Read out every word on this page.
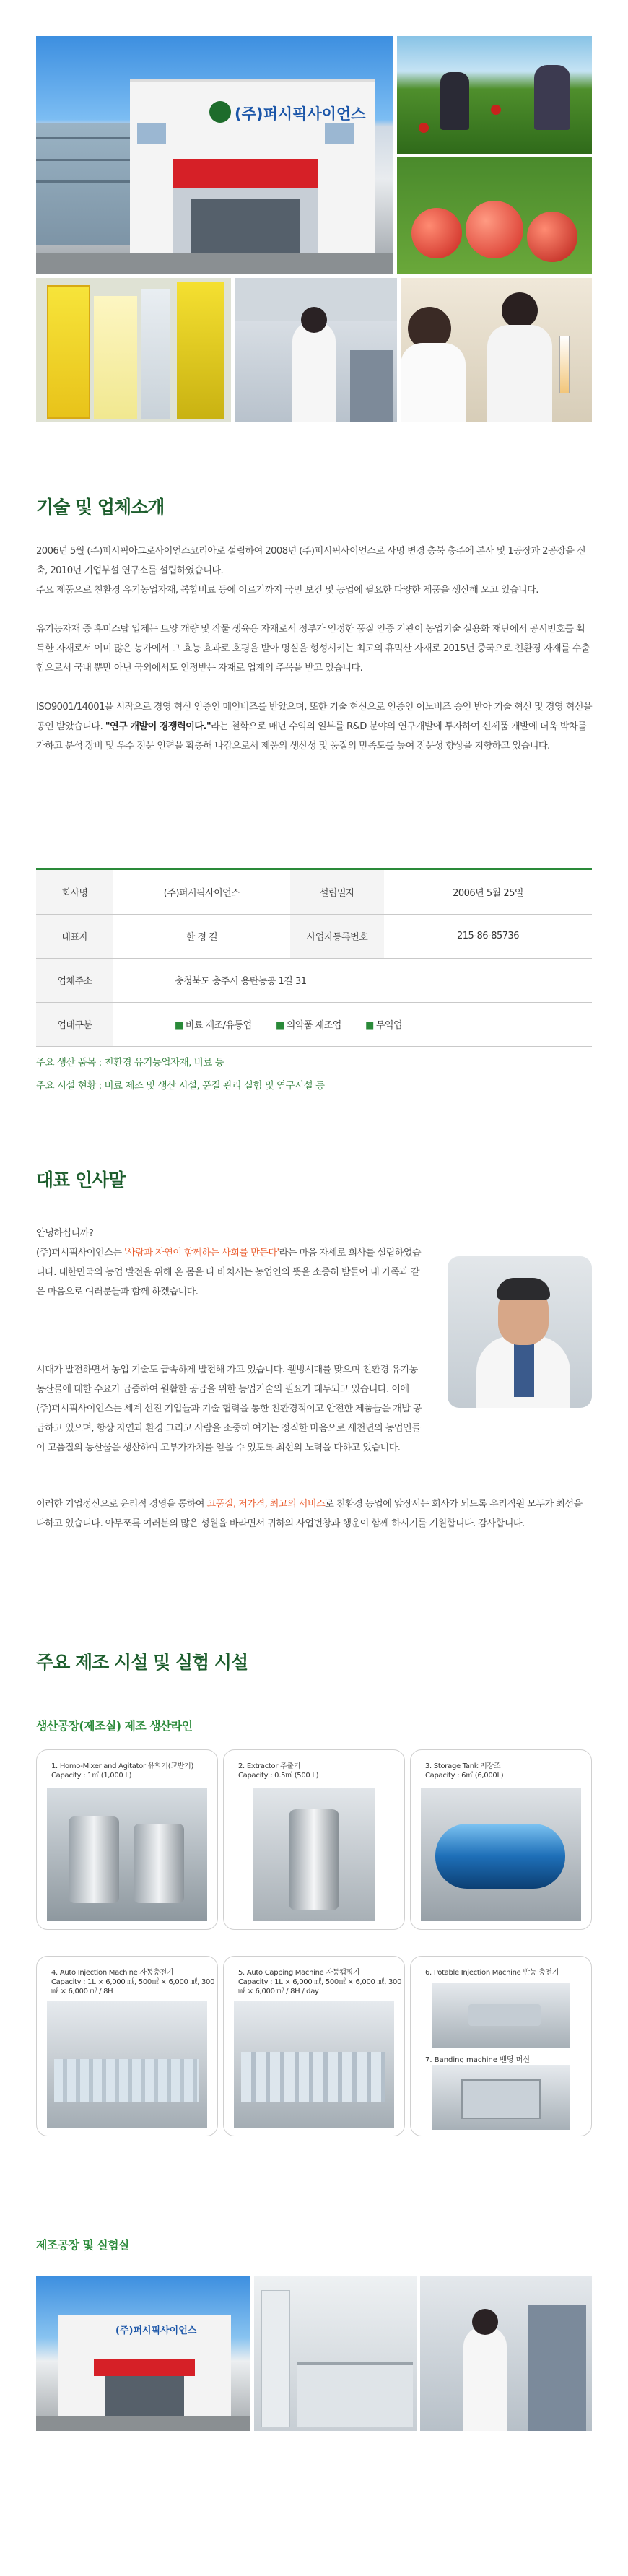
(주)퍼시픽사이언스
기술 및 업체소개

2006년 5월 (주)퍼시픽아그로사이언스코리아로 설립하여 2008년 (주)퍼시픽사이언스로 사명 변경 충북 충주에 본사 및 1공장과 2공장을 신축, 2010년 기업부설 연구소를 설립하였습니다.
주요 제품으로 친환경 유기농업자재, 복합비료 등에 이르기까지 국민 보건 및 농업에 필요한 다양한 제품을 생산해 오고 있습니다.

유기농자재 중 휴머스탑 입제는 토양 개량 및 작물 생육용 자재로서 정부가 인정한 품질 인증 기관이 농업기술 실용화 재단에서 공시번호를 획득한 자재로서 이미 많은 농가에서 그 효능 효과로 호평을 받아 명실을 형성시키는 최고의 휴믹산 자재로 2015년 중국으로 친환경 자재를 수출함으로서 국내 뿐만 아닌 국외에서도 인정받는 자재로 업계의 주목을 받고 있습니다.

ISO9001/14001을 시작으로 경영 혁신 인증인 메인비즈를 받았으며, 또한 기술 혁신으로 인증인 이노비즈 승인 받아 기술 혁신 및 경영 혁신을 공인 받았습니다. "연구 개발이 경쟁력이다."라는 철학으로 매년 수익의 일부를 R&D 분야의 연구개발에 투자하여 신제품 개발에 더욱 박차를 가하고 분석 장비 및 우수 전문 인력을 확충해 나감으로서 제품의 생산성 및 품질의 만족도를 높여 전문성 향상을 지향하고 있습니다.

회사명	(주)퍼시픽사이언스	설립일자	2006년 5월 25일
대표자	한 정 길	사업자등록번호	215-86-85736
업체주소	충청북도 충주시 용탄농공 1길 31		
업태구분	■ 비료 제조/유통업 ■ 의약품 제조업 ■ 무역업		
주요 생산 품목 : 친환경 유기농업자재, 비료 등
주요 시설 현황 : 비료 제조 및 생산 시설, 품질 관리 실험 및 연구시설 등
대표 인사말

안녕하십니까?

(주)퍼시픽사이언스는 '사람과 자연이 함께하는 사회를 만든다'라는 마음 자세로 회사를 설립하였습니다. 대한민국의 농업 발전을 위해 온 몸을 다 바치시는 농업인의 뜻을 소중히 받들어 내 가족과 같은 마음으로 여러분들과 함께 하겠습니다.

시대가 발전하면서 농업 기술도 급속하게 발전해 가고 있습니다. 웰빙시대를 맞으며 친환경 유기농 농산물에 대한 수요가 급증하여 원활한 공급을 위한 농업기술의 필요가 대두되고 있습니다. 이에 (주)퍼시픽사이언스는 세계 선진 기업들과 기술 협력을 통한 친환경적이고 안전한 제품들을 개발 공급하고 있으며, 항상 자연과 환경 그리고 사람을 소중히 여기는 정직한 마음으로 새천년의 농업인들이 고품질의 농산물을 생산하여 고부가가치를 얻을 수 있도록 최선의 노력을 다하고 있습니다.

이러한 기업정신으로 윤리적 경영을 통하여 고품질, 저가격, 최고의 서비스로 친환경 농업에 앞장서는 회사가 되도록 우리직원 모두가 최선을 다하고 있습니다. 아무쪼록 여러분의 많은 성원을 바라면서 귀하의 사업번창과 행운이 함께 하시기를 기원합니다. 감사합니다.

주요 제조 시설 및 실험 시설
생산공장(제조실) 제조 생산라인
1. Homo-Mixer and Agitator 유화기(교반기)
Capacity : 1㎥ (1,000 L)
2. Extractor 추출기
Capacity : 0.5㎥ (500 L)
3. Storage Tank 저장조
Capacity : 6㎥ (6,000L)
4. Auto Injection Machine 자동충전기
Capacity : 1L × 6,000 ㎖, 500㎖ × 6,000 ㎖, 300㎖ × 6,000 ㎖ / 8H
5. Auto Capping Machine 자동캡핑기
Capacity : 1L × 6,000 ㎖, 500㎖ × 6,000 ㎖, 300㎖ × 6,000 ㎖ / 8H / day
6. Potable Injection Machine 반능 충전기
7. Banding machine 밴딩 머신
제조공장 및 실험실
(주)퍼시픽사이언스
